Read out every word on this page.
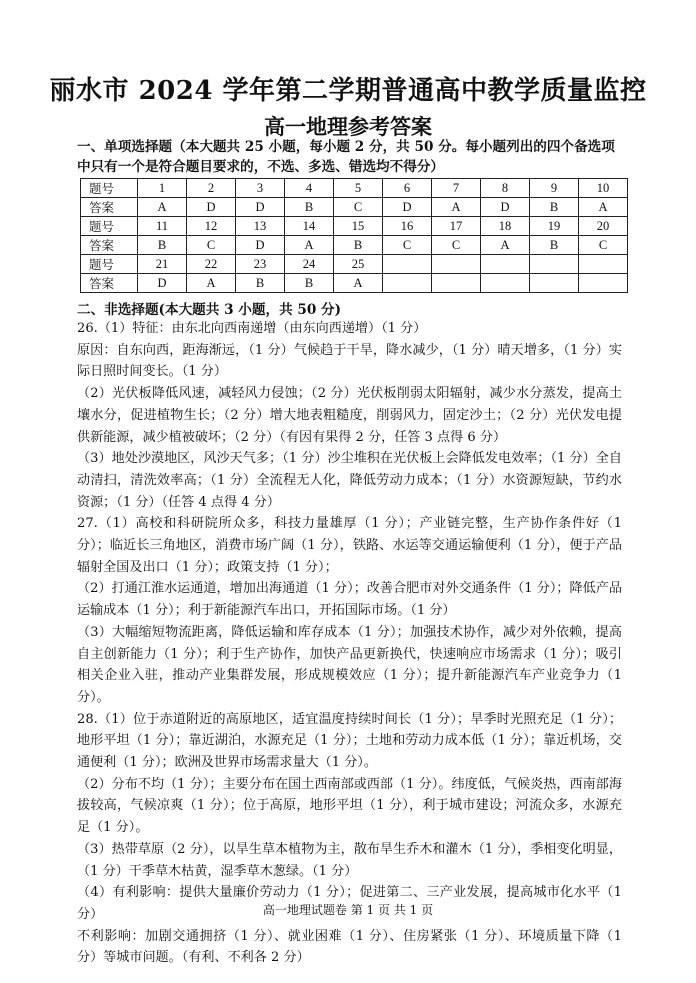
丽水市 2024 学年第二学期普通高中教学质量监控
高一地理参考答案
一、单项选择题（本大题共 25 小题，每小题 2 分，共 50 分。每小题列出的四个备选项中只有一个是符合题目要求的，不选、多选、错选均不得分）
题号	1	2	3	4	5	6	7	8	9	10
答案	A	D	D	B	C	D	A	D	B	A
题号	11	12	13	14	15	16	17	18	19	20
答案	B	C	D	A	B	C	C	A	B	C
题号	21	22	23	24	25					
答案	D	A	B	B	A					
二、非选择题(本大题共 3 小题，共 50 分)

26.（1）特征：由东北向西南递增（由东向西递增）（1 分）

原因：自东向西，距海渐远，（1 分）气候趋于干旱，降水减少，（1 分）晴天增多，（1 分）实际日照时间变长。（1 分）

（2）光伏板降低风速，减轻风力侵蚀；（2 分）光伏板削弱太阳辐射，减少水分蒸发，提高土壤水分，促进植物生长；（2 分）增大地表粗糙度，削弱风力，固定沙土；（2 分）光伏发电提供新能源，减少植被破坏；（2 分）（有因有果得 2 分，任答 3 点得 6 分）

（3）地处沙漠地区，风沙天气多；（1 分）沙尘堆积在光伏板上会降低发电效率；（1 分）全自动清扫，清洗效率高；（1 分）全流程无人化，降低劳动力成本；（1 分）水资源短缺，节约水资源；（1 分）（任答 4 点得 4 分）

27.（1）高校和科研院所众多，科技力量雄厚（1 分）；产业链完整，生产协作条件好（1 分）；临近长三角地区，消费市场广阔（1 分），铁路、水运等交通运输便利（1 分），便于产品辐射全国及出口（1 分）；政策支持（1 分）；

（2）打通江淮水运通道，增加出海通道（1 分）；改善合肥市对外交通条件（1 分）；降低产品运输成本（1 分）；利于新能源汽车出口，开拓国际市场。（1 分）

（3）大幅缩短物流距离，降低运输和库存成本（1 分）；加强技术协作，减少对外依赖，提高自主创新能力（1 分）；利于生产协作，加快产品更新换代，快速响应市场需求（1 分）；吸引相关企业入驻，推动产业集群发展，形成规模效应（1 分）；提升新能源汽车产业竞争力（1 分）。

28.（1）位于赤道附近的高原地区，适宜温度持续时间长（1 分）；旱季时光照充足（1 分）；地形平坦（1 分）；靠近湖泊，水源充足（1 分）；土地和劳动力成本低（1 分）；靠近机场，交通便利（1 分）；欧洲及世界市场需求量大（1 分）。

（2）分布不均（1 分）；主要分布在国土西南部或西部（1 分）。纬度低，气候炎热，西南部海拔较高，气候凉爽（1 分）；位于高原，地形平坦（1 分），利于城市建设；河流众多，水源充足（1 分）。

（3）热带草原（2 分），以旱生草本植物为主，散布旱生乔木和灌木（1 分），季相变化明显，（1 分）干季草木枯黄，湿季草木葱绿。（1 分）

（4）有利影响：提供大量廉价劳动力（1 分）；促进第二、三产业发展，提高城市化水平（1 分）

不利影响：加剧交通拥挤（1 分）、就业困难（1 分）、住房紧张（1 分）、环境质量下降（1 分）等城市问题。（有利、不利各 2 分）

高一地理试题卷 第 1 页 共 1 页
